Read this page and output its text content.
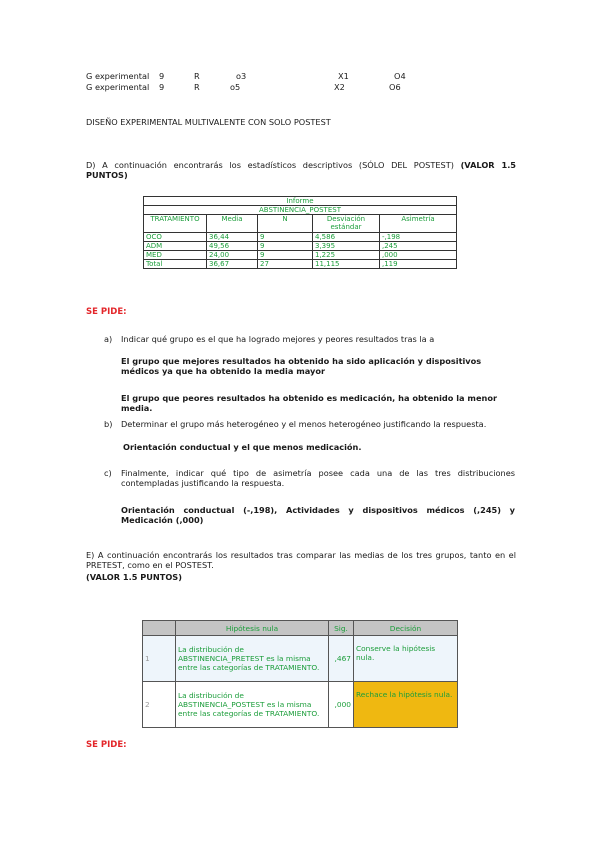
G experimental 9	R	o3	X1	O4
G experimental 9	R	o5	X2	O6
DISEÑO EXPERIMENTAL MULTIVALENTE CON SOLO POSTEST
D) A continuación encontrarás los estadísticos descriptivos (SÓLO DEL POSTEST) (VALOR 1.5 PUNTOS)
Informe				
ABSTINENCIA_POSTEST				
TRATAMIENTO	Media	N	Desviación estándar	Asimetría
OCO	36,44	9	4,586	-,198
ADM	49,56	9	3,395	,245
MED	24,00	9	1,225	,000
Total	36,67	27	11,115	,119
SE PIDE:
a) Indicar qué grupo es el que ha logrado mejores y peores resultados tras la a
El grupo que mejores resultados ha obtenido ha sido aplicación y dispositivos médicos ya que ha obtenido la media mayor
El grupo que peores resultados ha obtenido es medicación, ha obtenido la menor media.
b) Determinar el grupo más heterogéneo y el menos heterogéneo justificando la respuesta.
Orientación conductual y el que menos medicación.
c) Finalmente, indicar qué tipo de asimetría posee cada una de las tres distribuciones contempladas justificando la respuesta.
Orientación conductual (-,198), Actividades y dispositivos médicos (,245) y Medicación (,000)
E) A continuación encontrarás los resultados tras comparar las medias de los tres grupos, tanto en el PRETEST, como en el POSTEST.
(VALOR 1.5 PUNTOS)
	Hipótesis nula	Sig.	Decisión
1	La distribución de ABSTINENCIA_PRETEST es la misma entre las categorías de TRATAMIENTO.	,467	Conserve la hipótesis nula.
2	La distribución de ABSTINENCIA_POSTEST es la misma entre las categorías de TRATAMIENTO.	,000	Rechace la hipótesis nula.
SE PIDE:
